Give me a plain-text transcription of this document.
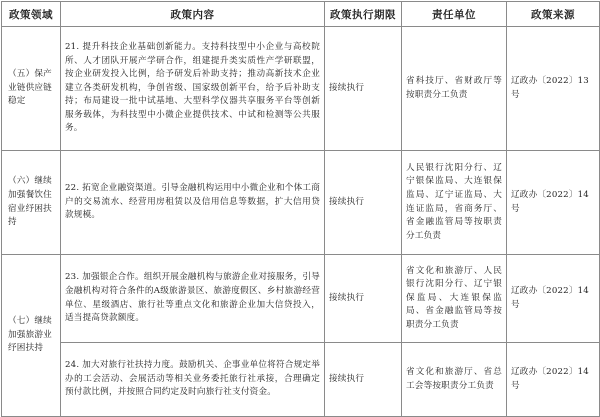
政策领域	政策内容	政策执行期限	责任单位	政策来源
（五）保产业链供应链稳定	21. 提升科技企业基础创新能力。支持科技型中小企业与高校院所、人才团队开展产学研合作，组建提升类实质性产学研联盟，按企业研发投入比例，给予研发后补助支持；推动高新技术企业建立各类研发机构，争创省级、国家级创新平台，给予后补助支持；布局建设一批中试基地、大型科学仪器共享服务平台等创新服务载体，为科技型中小微企业提供技术、中试和检测等公共服务。	接续执行	省科技厅、省财政厅等按职责分工负责	辽政办〔2022〕13号
（六）继续加强餐饮住宿业纾困扶持	22. 拓宽企业融资渠道。引导金融机构运用中小微企业和个体工商户的交易流水、经营用房租赁以及信用信息等数据，扩大信用贷款规模。	接续执行	人民银行沈阳分行、辽宁银保监局、大连银保监局、辽宁证监局、大连证监局，省商务厅、省金融监管局等按职责分工负责	辽政办〔2022〕14号
（七）继续加强旅游业纾困扶持	23. 加强银企合作。组织开展金融机构与旅游企业对接服务，引导金融机构对符合条件的A级旅游景区、旅游度假区、乡村旅游经营单位、星级酒店、旅行社等重点文化和旅游企业加大信贷投入，适当提高贷款额度。	接续执行	省文化和旅游厅、人民银行沈阳分行、辽宁银保监局、大连银保监局、省金融监管局等按职责分工负责	辽政办〔2022〕14号
	24. 加大对旅行社扶持力度。鼓励机关、企事业单位将符合规定举办的工会活动、会展活动等相关业务委托旅行社承接，合理确定预付款比例，并按照合同约定及时向旅行社支付资金。	接续执行	省文化和旅游厅、省总工会等按职责分工负责	辽政办〔2022〕14号
